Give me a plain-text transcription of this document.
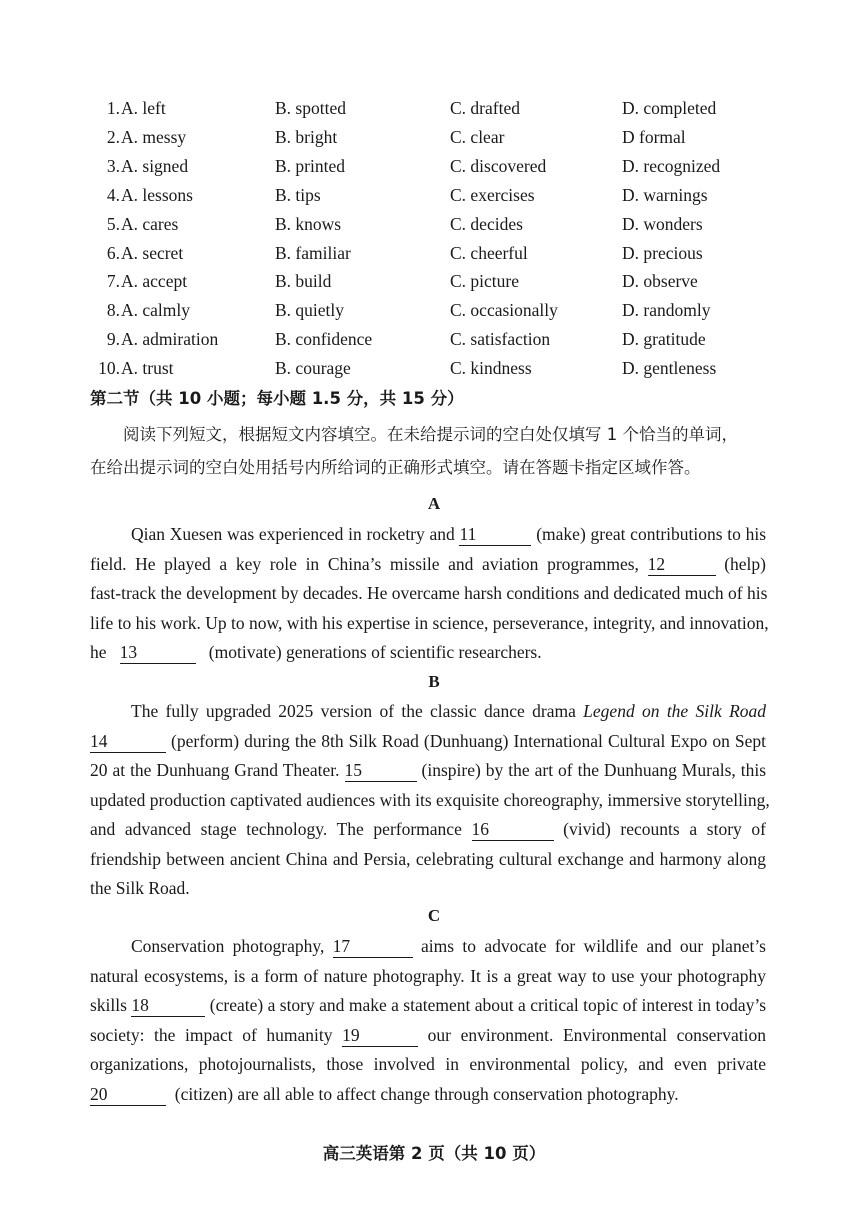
1. A. left	B. spotted	C. drafted	D. completed
2. A. messy	B. bright	C. clear	D formal
3. A. signed	B. printed	C. discovered	D. recognized
4. A. lessons	B. tips	C. exercises	D. warnings
5. A. cares	B. knows	C. decides	D. wonders
6. A. secret	B. familiar	C. cheerful	D. precious
7. A. accept	B. build	C. picture	D. observe
8. A. calmly	B. quietly	C. occasionally	D. randomly
9. A. admiration	B. confidence	C. satisfaction	D. gratitude
10. A. trust	B. courage	C. kindness	D. gentleness
第二节（共 10 小题；每小题 1.5 分，共 15 分）
阅读下列短文，根据短文内容填空。在未给提示词的空白处仅填写 1 个恰当的单词，
在给出提示词的空白处用括号内所给词的正确形式填空。请在答题卡指定区域作答。
A
Qian Xuesen was experienced in rocketry and 11	(make) great contributions to his
field. He played a key role in China’s missile and aviation programmes, 12	(help)
fast-track the development by decades. He overcame harsh conditions and dedicated much of his
life to his work. Up to now, with his expertise in science, perseverance, integrity, and innovation,
he 13	(motivate) generations of scientific researchers.
B
The fully upgraded 2025 version of the classic dance drama Legend on the Silk Road
14	(perform) during the 8th Silk Road (Dunhuang) International Cultural Expo on Sept
20 at the Dunhuang Grand Theater. 15	(inspire) by the art of the Dunhuang Murals, this
updated production captivated audiences with its exquisite choreography, immersive storytelling,
and advanced stage technology. The performance 16	(vivid) recounts a story of
friendship between ancient China and Persia, celebrating cultural exchange and harmony along
the Silk Road.
C
Conservation photography, 17	aims to advocate for wildlife and our planet’s
natural ecosystems, is a form of nature photography. It is a great way to use your photography
skills 18	(create) a story and make a statement about a critical topic of interest in today’s
society: the impact of humanity 19	our environment. Environmental conservation
organizations, photojournalists, those involved in environmental policy, and even private
20	(citizen) are all able to affect change through conservation photography.
高三英语第 2 页（共 10 页）
